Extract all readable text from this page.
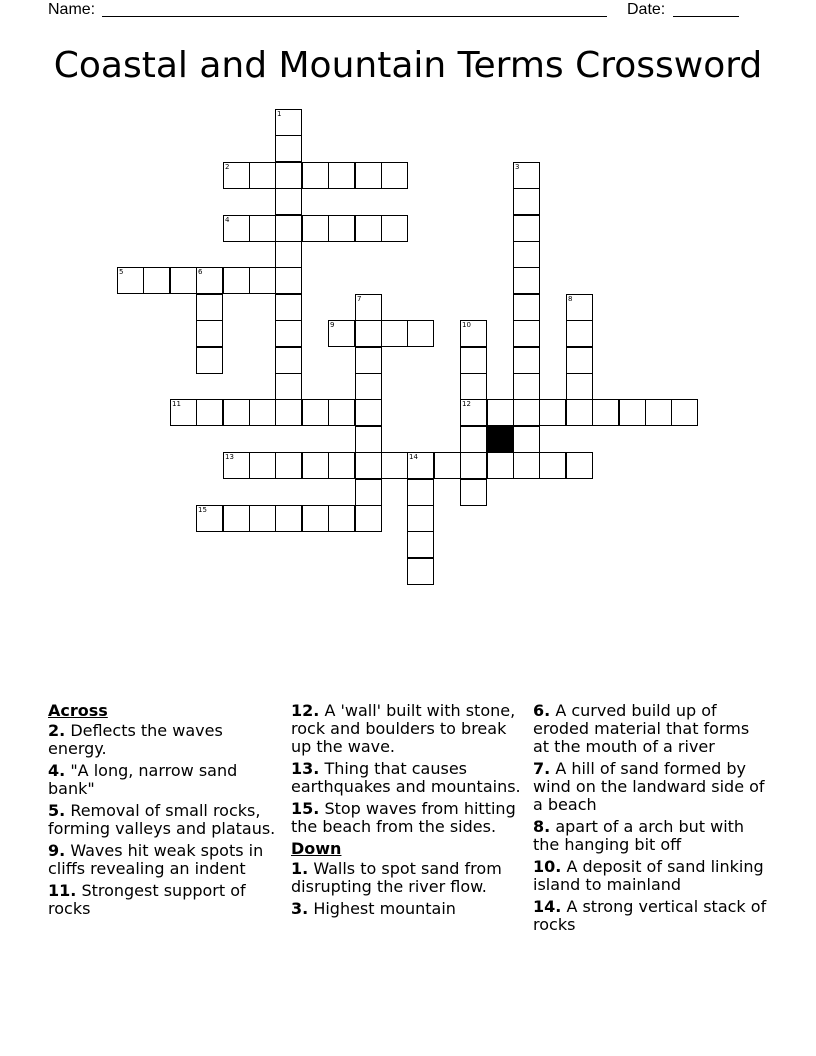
Name:	Date:
Coastal and Mountain Terms Crossword
1
2	3
4
5	6
7	8
9	10
11	12
13	14
15
Across
2. Deflects the waves energy.
4. "A long, narrow sand bank"
5. Removal of small rocks, forming valleys and plataus.
9. Waves hit weak spots in cliffs revealing an indent
11. Strongest support of rocks
12. A 'wall' built with stone, rock and boulders to break up the wave.
13. Thing that causes earthquakes and mountains.
15. Stop waves from hitting the beach from the sides.
Down
1. Walls to spot sand from disrupting the river flow.
3. Highest mountain
6. A curved build up of eroded material that forms at the mouth of a river
7. A hill of sand formed by wind on the landward side of a beach
8. apart of a arch but with the hanging bit off
10. A deposit of sand linking island to mainland
14. A strong vertical stack of rocks
